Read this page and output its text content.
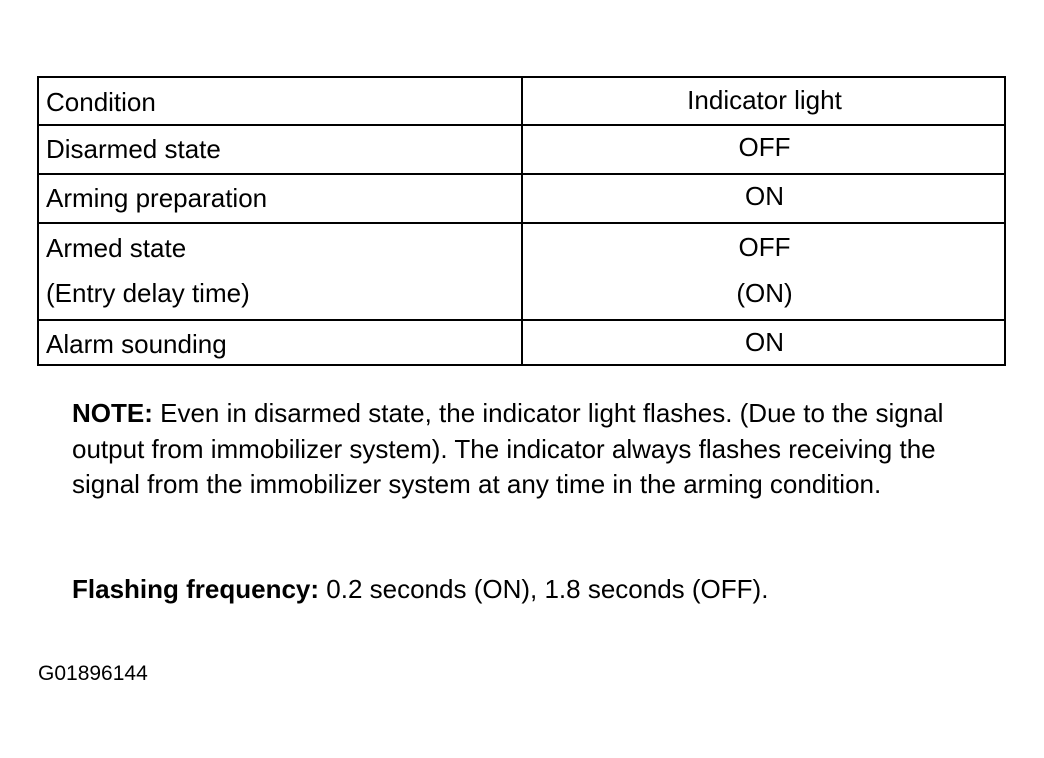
Condition	Indicator light
Disarmed state	OFF
Arming preparation	ON
Armed state	OFF
(Entry delay time)	(ON)
Alarm sounding	ON
NOTE: Even in disarmed state, the indicator light flashes. (Due to the signal output from immobilizer system). The indicator always flashes receiving the signal from the immobilizer system at any time in the arming condition.
Flashing frequency: 0.2 seconds (ON), 1.8 seconds (OFF).
G01896144
